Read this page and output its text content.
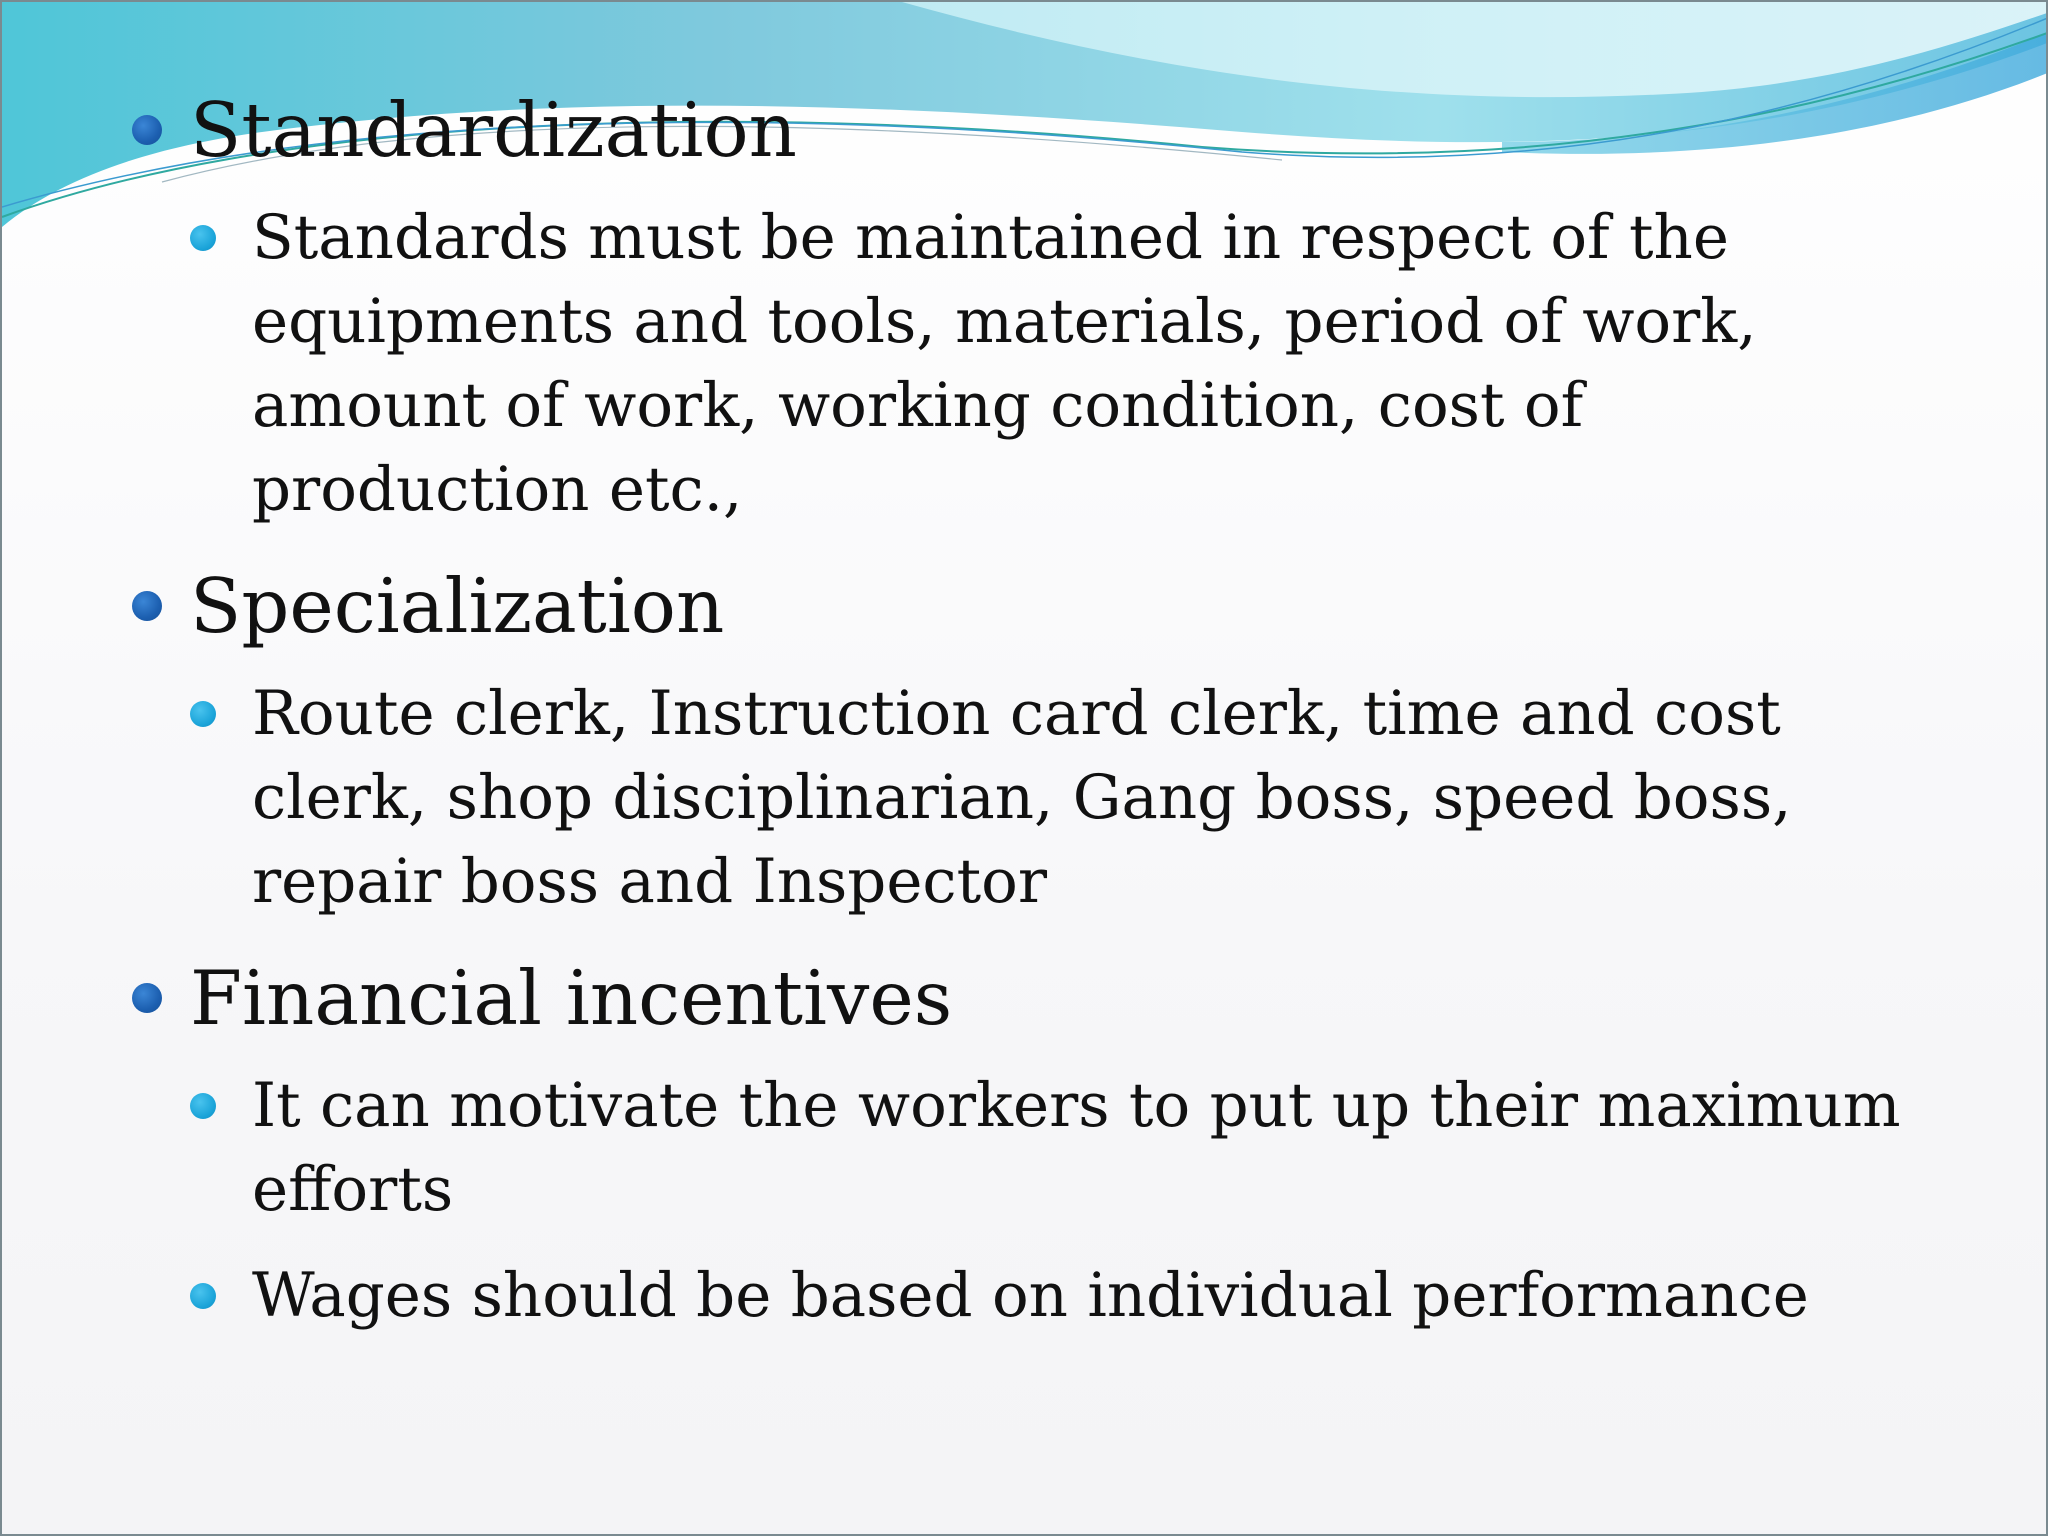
Standardization

Standards must be maintained in respect of the equipments and tools, materials, period of work, amount of work, working condition, cost of production etc.,

Specialization

Route clerk, Instruction card clerk, time and cost clerk, shop disciplinarian, Gang boss, speed boss, repair boss and Inspector

Financial incentives

It can motivate the workers to put up their maximum efforts

Wages should be based on individual performance
